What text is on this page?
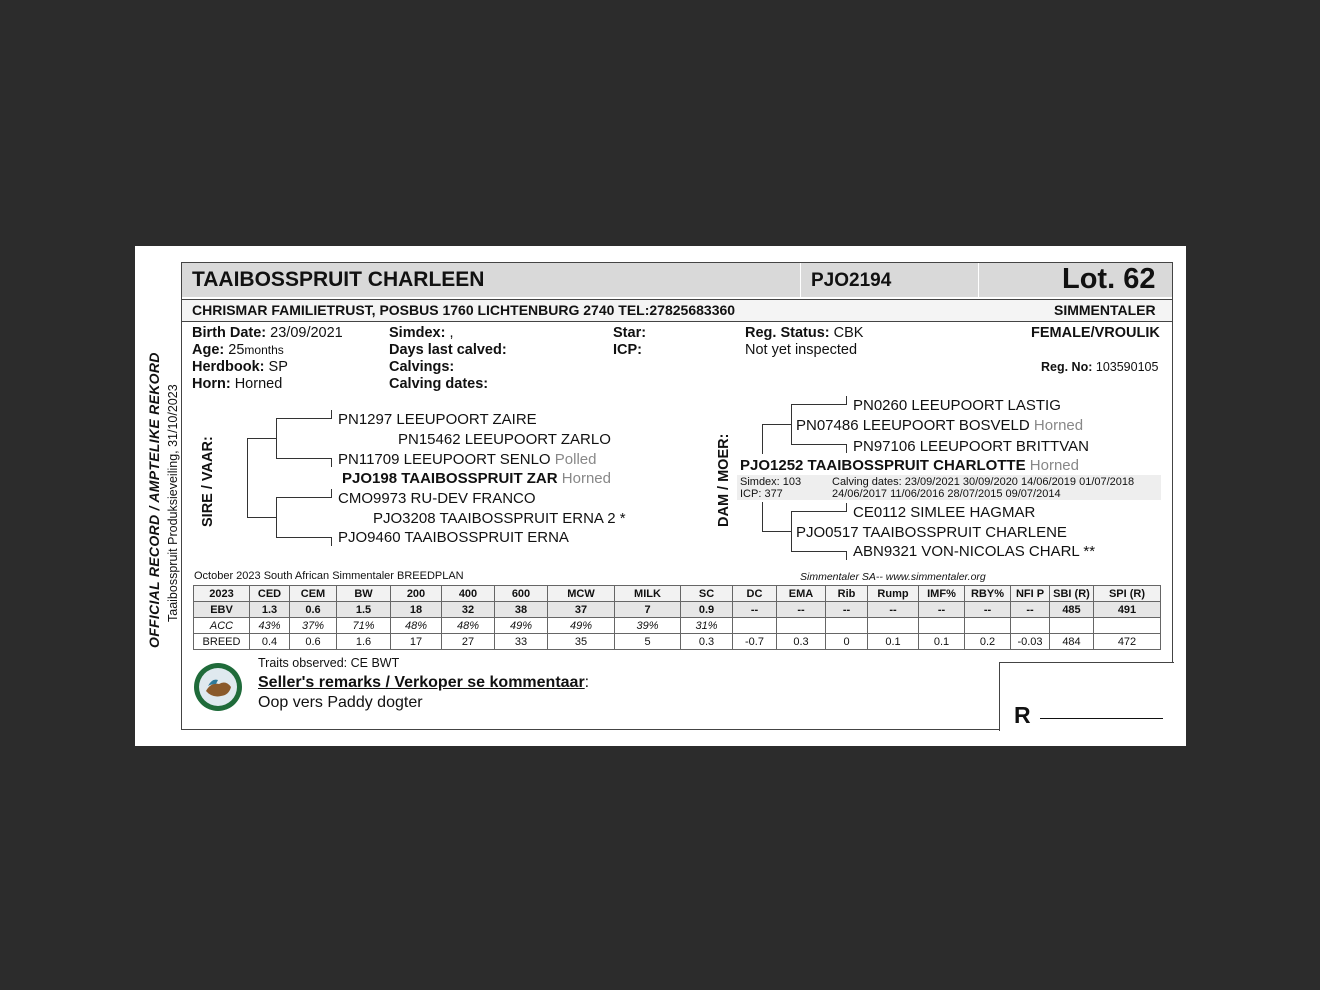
OFFICIAL RECORD / AMPTELIKE REKORD Taaibosspruit Produksieveiling, 31/10/2023
TAAIBOSSPRUIT CHARLEEN	PJO2194	Lot. 62
CHRISMAR FAMILIETRUST, POSBUS 1760 LICHTENBURG 2740 TEL:27825683360	SIMMENTALER
Birth Date: 23/09/2021
Age: 25months
Herdbook: SP
Horn: Horned
Simdex: ,
Days last calved:
Calvings:
Calving dates:
Star:
ICP:
Reg. Status: CBK
Not yet inspected
FEMALE/VROULIK
Reg. No: 103590105
SIRE / VAAR:
PN1297 LEEUPOORT ZAIRE
PN15462 LEEUPOORT ZARLO
PN11709 LEEUPOORT SENLO Polled
PJO198 TAAIBOSSPRUIT ZAR Horned
CMO9973 RU-DEV FRANCO
PJO3208 TAAIBOSSPRUIT ERNA 2 *
PJO9460 TAAIBOSSPRUIT ERNA
DAM / MOER:
PN0260 LEEUPOORT LASTIG
PN07486 LEEUPOORT BOSVELD Horned
PN97106 LEEUPOORT BRITTVAN
PJO1252 TAAIBOSSPRUIT CHARLOTTE Horned
Simdex: 103
ICP: 377
Calving dates: 23/09/2021 30/09/2020 14/06/2019 01/07/2018
24/06/2017 11/06/2016 28/07/2015 09/07/2014
CE0112 SIMLEE HAGMAR
PJO0517 TAAIBOSSPRUIT CHARLENE
ABN9321 VON-NICOLAS CHARL **
October 2023 South African Simmentaler BREEDPLAN	Simmentaler SA-- www.simmentaler.org
2023	CED	CEM	BW	200	400	600	MCW	MILK	SC	DC	EMA	Rib	Rump	IMF%	RBY%	NFI P	SBI (R)	SPI (R)
EBV	1.3	0.6	1.5	18	32	38	37	7	0.9	--	--	--	--	--	--	--	485	491
ACC	43%	37%	71%	48%	48%	49%	49%	39%	31%									
BREED	0.4	0.6	1.6	17	27	33	35	5	0.3	-0.7	0.3	0	0.1	0.1	0.2	-0.03	484	472
Traits observed: CE BWT
Seller's remarks / Verkoper se kommentaar:
Oop vers Paddy dogter	R
